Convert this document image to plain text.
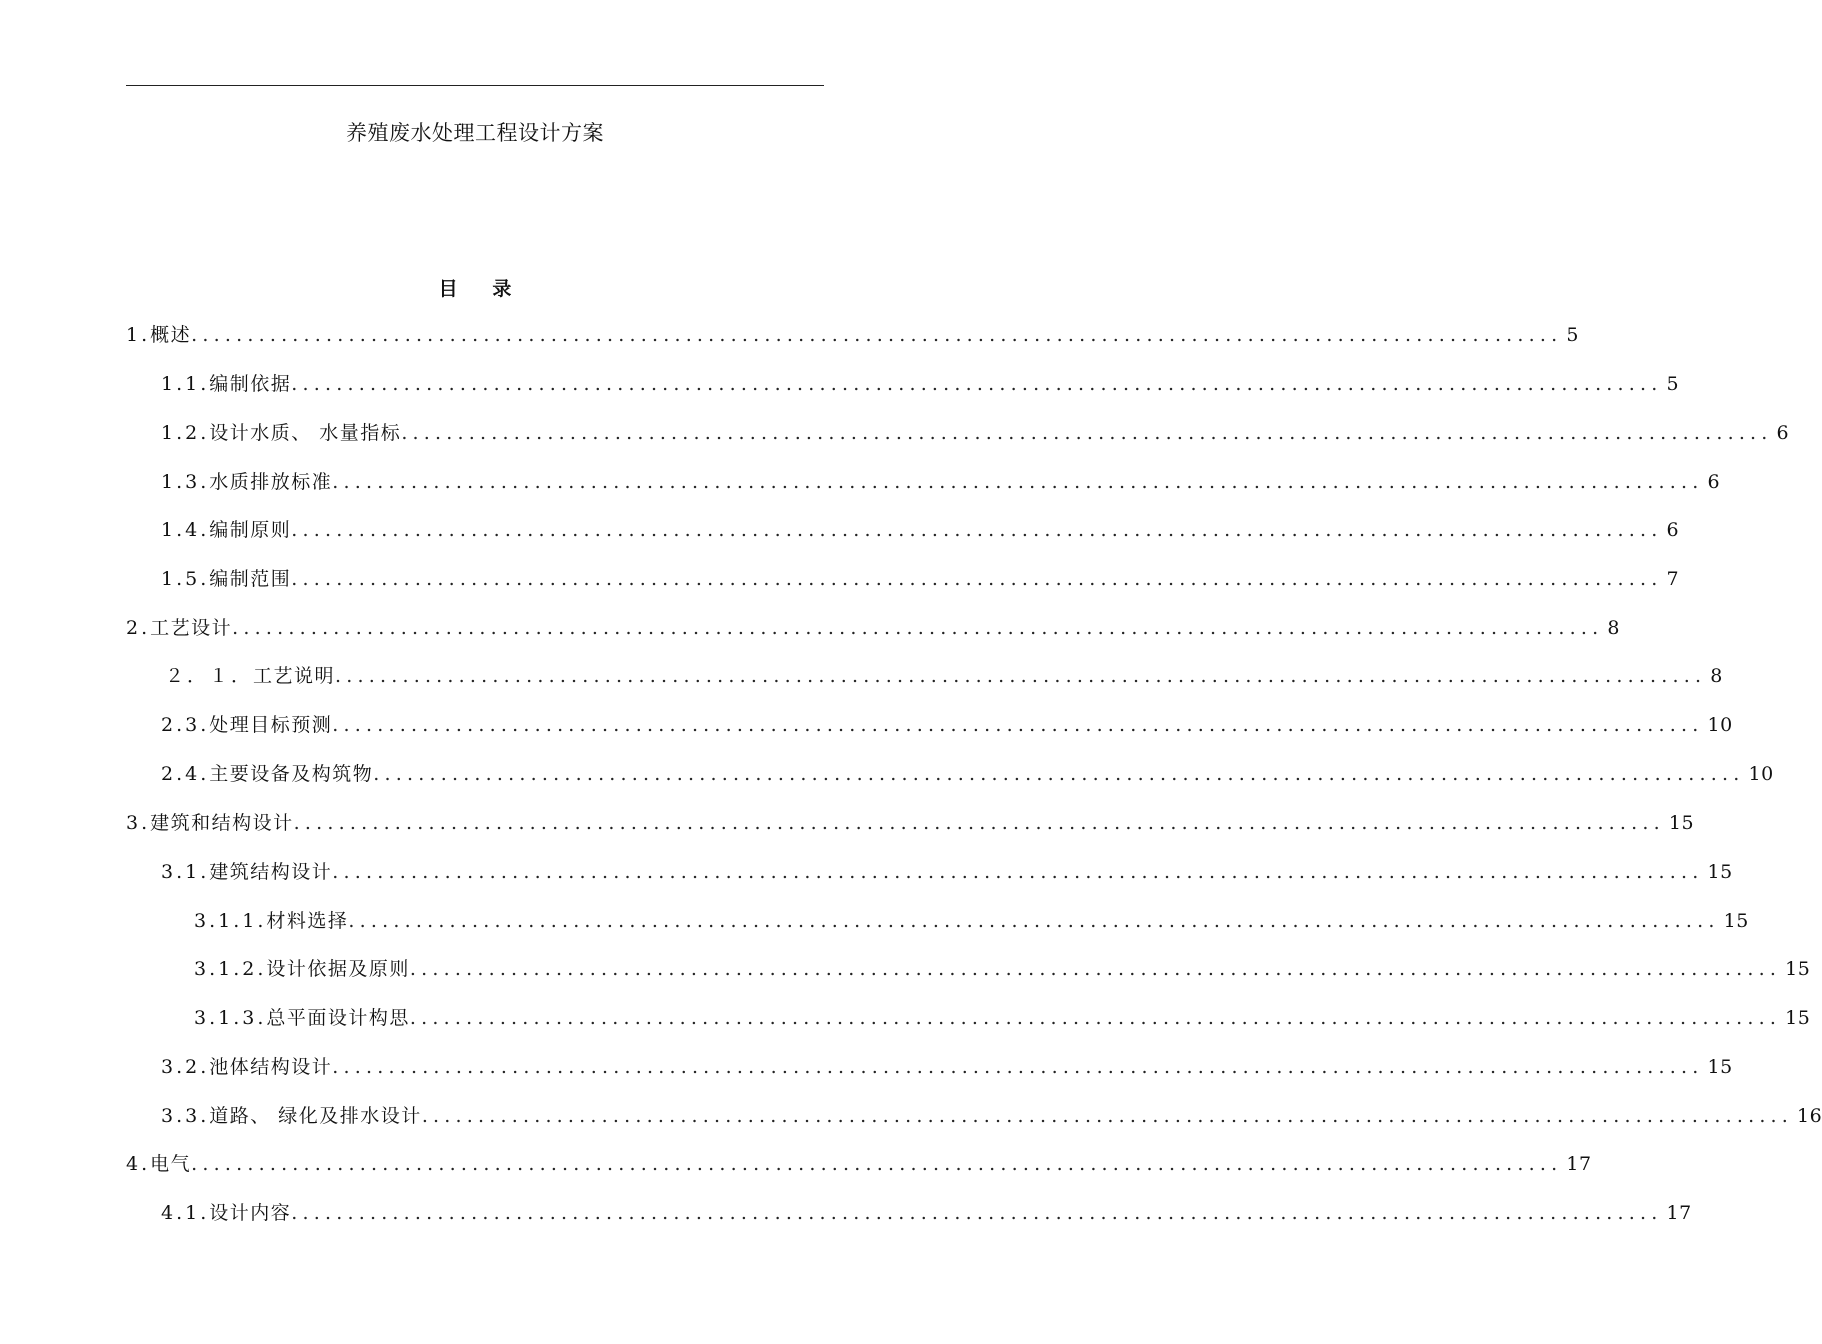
养殖废水处理工程设计方案
目 录
1. 概述 .......................................................................................................................... 5
1.1. 编制依据 .......................................................................................................................... 5
1.2. 设计水质、 水量指标 .......................................................................................................................... 6
1.3. 水质排放标准 .......................................................................................................................... 6
1.4. 编制原则 .......................................................................................................................... 6
1.5. 编制范围 .......................................................................................................................... 7
2. 工艺设计 .......................................................................................................................... 8
２．１． 工艺说明 .......................................................................................................................... 8
2.3. 处理目标预测 .......................................................................................................................... 10
2.4. 主要设备及构筑物 .......................................................................................................................... 10
3. 建筑和结构设计 .......................................................................................................................... 15
3.1. 建筑结构设计 .......................................................................................................................... 15
3.1.1. 材料选择 .......................................................................................................................... 15
3.1.2. 设计依据及原则 .......................................................................................................................... 15
3.1.3. 总平面设计构思 .......................................................................................................................... 15
3.2. 池体结构设计 .......................................................................................................................... 15
3.3. 道路、 绿化及排水设计 .......................................................................................................................... 16
4. 电气 .......................................................................................................................... 17
4.1. 设计内容 .......................................................................................................................... 17
